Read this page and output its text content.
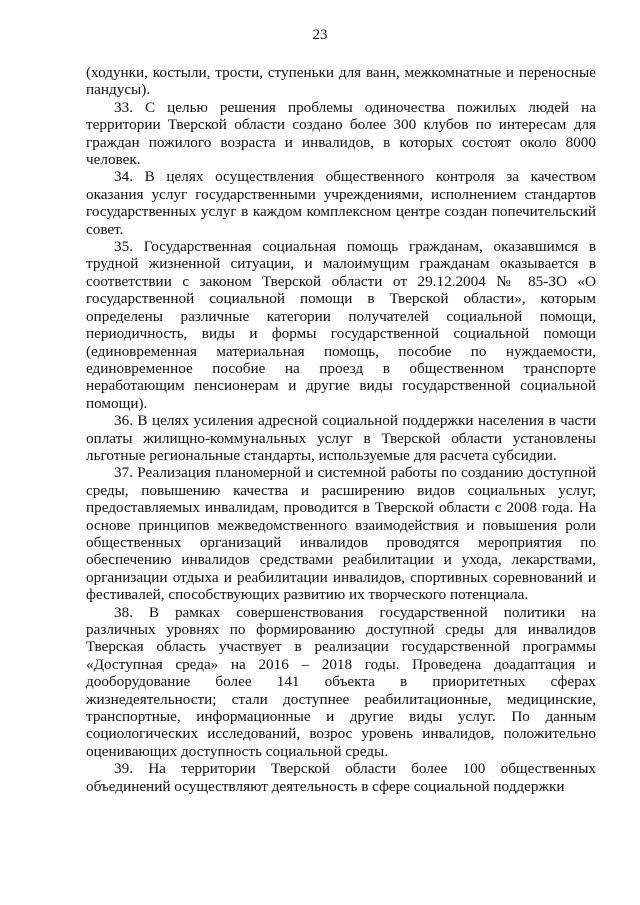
23

(ходунки, костыли, трости, ступеньки для ванн, межкомнатные и переносные пандусы).

33. С целью решения проблемы одиночества пожилых людей на территории Тверской области создано более 300 клубов по интересам для граждан пожилого возраста и инвалидов, в которых состоят около 8000 человек.

34. В целях осуществления общественного контроля за качеством оказания услуг государственными учреждениями, исполнением стандартов государственных услуг в каждом комплексном центре создан попечительский совет.

35. Государственная социальная помощь гражданам, оказавшимся в трудной жизненной ситуации, и малоимущим гражданам оказывается в соответствии с законом Тверской области от 29.12.2004 № 85-ЗО «О государственной социальной помощи в Тверской области», которым определены различные категории получателей социальной помощи, периодичность, виды и формы государственной социальной помощи (единовременная материальная помощь, пособие по нуждаемости, единовременное пособие на проезд в общественном транспорте неработающим пенсионерам и другие виды государственной социальной помощи).

36. В целях усиления адресной социальной поддержки населения в части оплаты жилищно-коммунальных услуг в Тверской области установлены льготные региональные стандарты, используемые для расчета субсидии.

37. Реализация планомерной и системной работы по созданию доступной среды, повышению качества и расширению видов социальных услуг, предоставляемых инвалидам, проводится в Тверской области с 2008 года. На основе принципов межведомственного взаимодействия и повышения роли общественных организаций инвалидов проводятся мероприятия по обеспечению инвалидов средствами реабилитации и ухода, лекарствами, организации отдыха и реабилитации инвалидов, спортивных соревнований и фестивалей, способствующих развитию их творческого потенциала.

38. В рамках совершенствования государственной политики на различных уровнях по формированию доступной среды для инвалидов Тверская область участвует в реализации государственной программы «Доступная среда» на 2016 – 2018 годы. Проведена доадаптация и дооборудование более 141 объекта в приоритетных сферах жизнедеятельности; стали доступнее реабилитационные, медицинские, транспортные, информационные и другие виды услуг. По данным социологических исследований, возрос уровень инвалидов, положительно оценивающих доступность социальной среды.

39. На территории Тверской области более 100 общественных объединений осуществляют деятельность в сфере социальной поддержки
